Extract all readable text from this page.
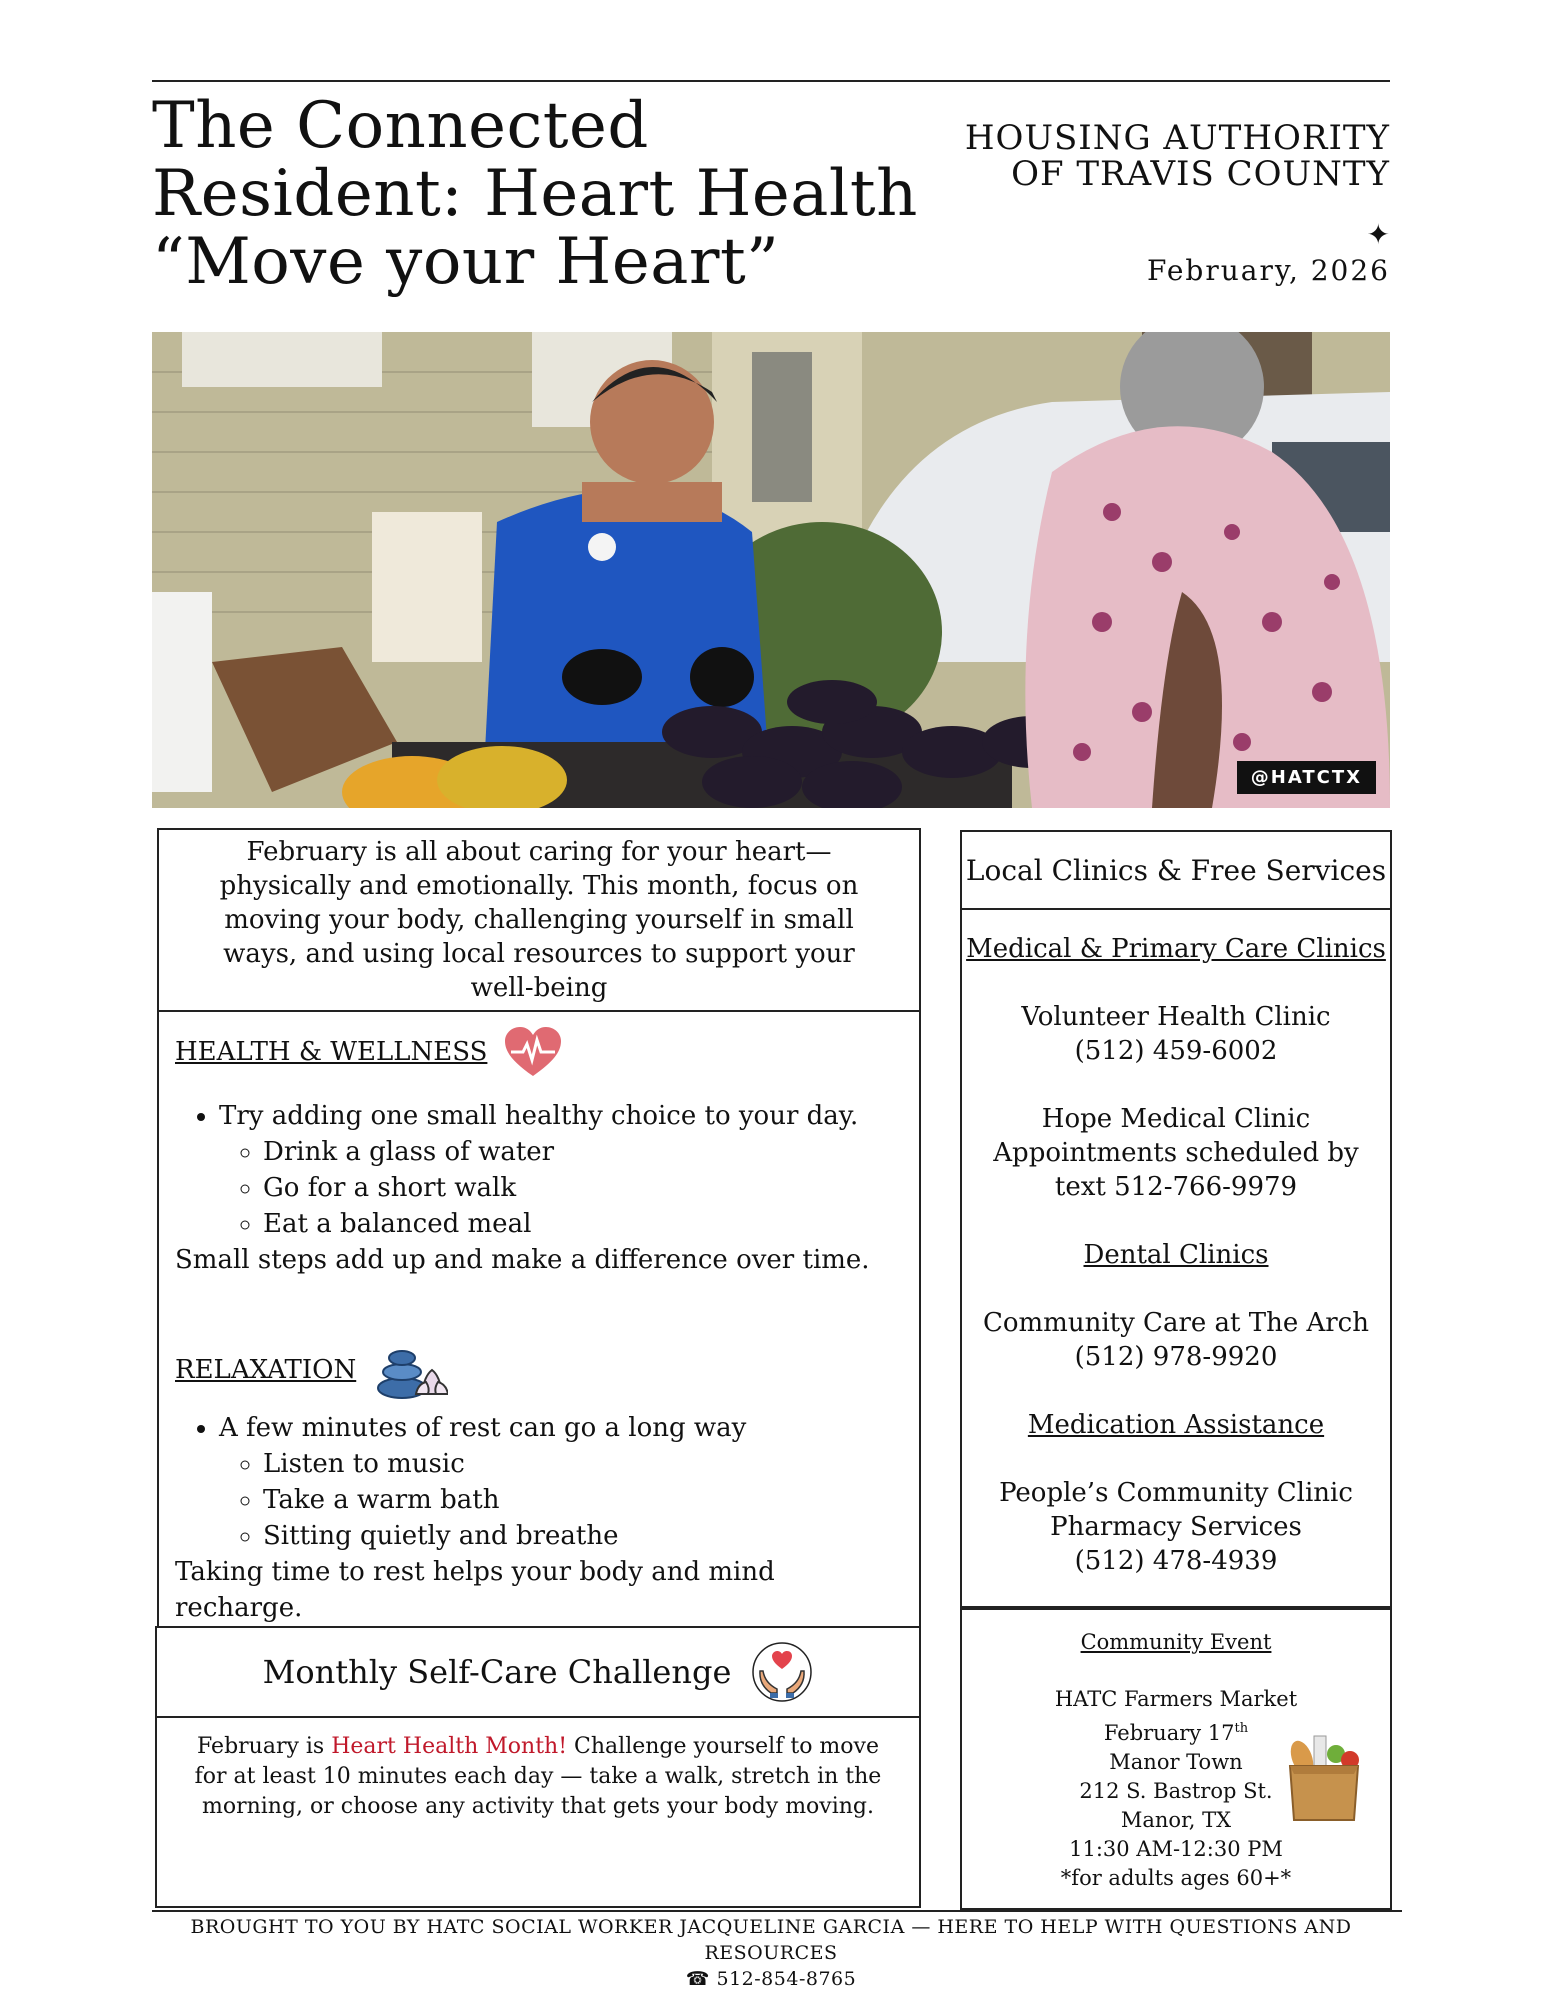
The Connected
Resident: Heart Health
“Move your Heart”
HOUSING AUTHORITY
OF TRAVIS COUNTY
✦
February, 2026
@HATCTX
February is all about caring for your heart—physically and emotionally. This month, focus on moving your body, challenging yourself in small ways, and using local resources to support your well-being
HEALTH & WELLNESS
• Try adding one small healthy choice to your day.
◦ Drink a glass of water
◦ Go for a short walk
◦ Eat a balanced meal

Small steps add up and make a difference over time.

RELAXATION
• A few minutes of rest can go a long way
◦ Listen to music
◦ Take a warm bath
◦ Sitting quietly and breathe

Taking time to rest helps your body and mind recharge.

Monthly Self-Care Challenge
February is Heart Health Month! Challenge yourself to move for at least 10 minutes each day — take a walk, stretch in the morning, or choose any activity that gets your body moving.
Local Clinics & Free Services

Medical & Primary Care Clinics

Volunteer Health Clinic

(512) 459-6002

Hope Medical Clinic

Appointments scheduled by

text 512-766-9979

Dental Clinics

Community Care at The Arch

(512) 978-9920

Medication Assistance

People’s Community Clinic

Pharmacy Services

(512) 478-4939

Community Event

HATC Farmers Market

February 17th

Manor Town

212 S. Bastrop St.

Manor, TX

11:30 AM-12:30 PM

*for adults ages 60+*

BROUGHT TO YOU BY HATC SOCIAL WORKER JACQUELINE GARCIA — HERE TO HELP WITH QUESTIONS AND RESOURCES
☎ 512-854-8765
